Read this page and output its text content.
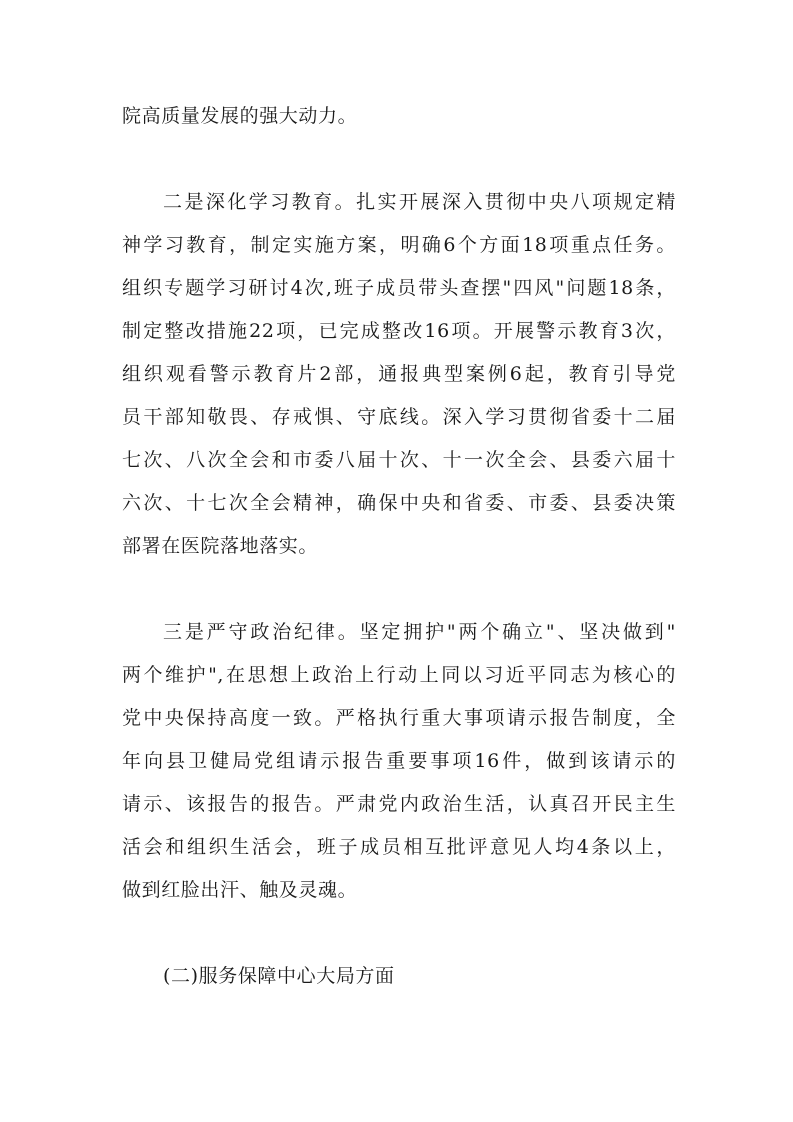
院高质量发展的强大动力。
二是深化学习教育。扎实开展深入贯彻中央八项规定精
神学习教育，制定实施方案，明确6个方面18项重点任务。
组织专题学习研讨4次,班子成员带头查摆"四风"问题18条，
制定整改措施22项，已完成整改16项。开展警示教育3次，
组织观看警示教育片2部，通报典型案例6起，教育引导党
员干部知敬畏、存戒惧、守底线。深入学习贯彻省委十二届
七次、八次全会和市委八届十次、十一次全会、县委六届十
六次、十七次全会精神，确保中央和省委、市委、县委决策
部署在医院落地落实。
三是严守政治纪律。坚定拥护"两个确立"、坚决做到"
两个维护",在思想上政治上行动上同以习近平同志为核心的
党中央保持高度一致。严格执行重大事项请示报告制度，全
年向县卫健局党组请示报告重要事项16件，做到该请示的
请示、该报告的报告。严肃党内政治生活，认真召开民主生
活会和组织生活会，班子成员相互批评意见人均4条以上，
做到红脸出汗、触及灵魂。
(二)服务保障中心大局方面
